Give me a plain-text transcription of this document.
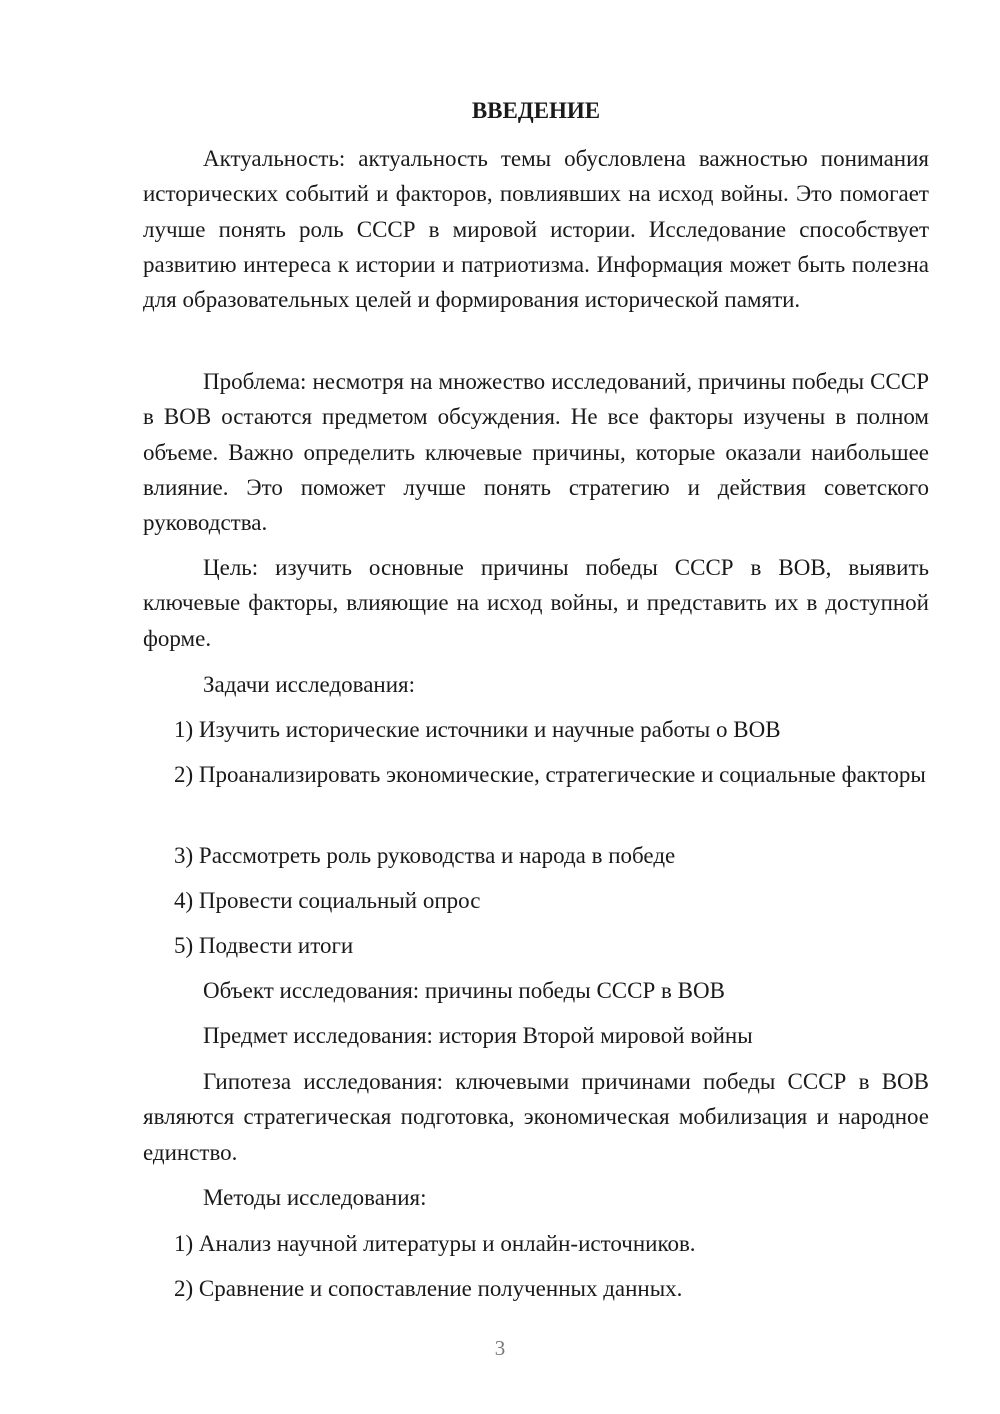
ВВЕДЕНИЕ

Актуальность: актуальность темы обусловлена важностью понимания исторических событий и факторов, повлиявших на исход войны. Это помогает лучше понять роль СССР в мировой истории. Исследование способствует развитию интереса к истории и патриотизма. Информация может быть полезна для образовательных целей и формирования исторической памяти.

Проблема: несмотря на множество исследований, причины победы СССР в ВОВ остаются предметом обсуждения. Не все факторы изучены в полном объеме. Важно определить ключевые причины, которые оказали наибольшее влияние. Это поможет лучше понять стратегию и действия советского руководства.

Цель: изучить основные причины победы СССР в ВОВ, выявить ключевые факторы, влияющие на исход войны, и представить их в доступной форме.

Задачи исследования:

1) Изучить исторические источники и научные работы о ВОВ

2) Проанализировать экономические, стратегические и социальные факторы

3) Рассмотреть роль руководства и народа в победе

4) Провести социальный опрос

5) Подвести итоги

Объект исследования: причины победы СССР в ВОВ

Предмет исследования: история Второй мировой войны

Гипотеза исследования: ключевыми причинами победы СССР в ВОВ являются стратегическая подготовка, экономическая мобилизация и народное единство.

Методы исследования:

1) Анализ научной литературы и онлайн-источников.

2) Сравнение и сопоставление полученных данных.

3
